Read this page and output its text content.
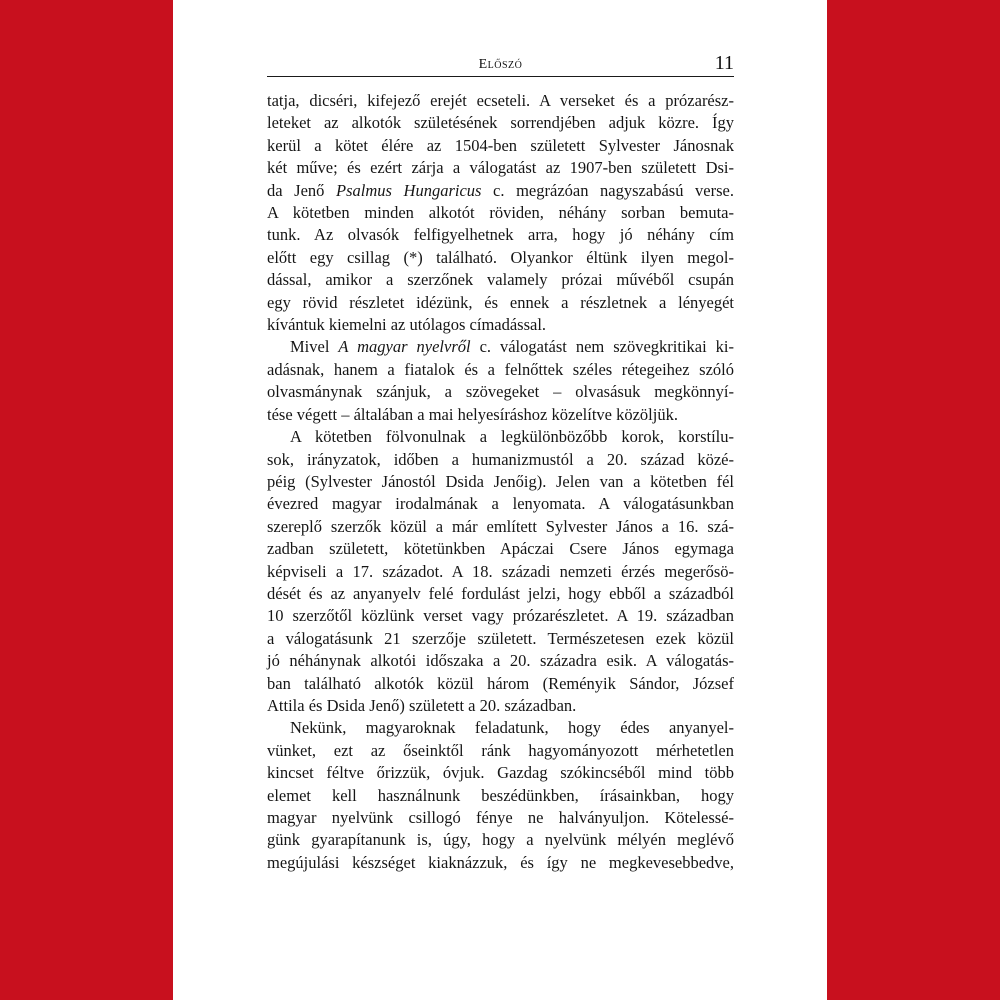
Előszó	11
tatja, dicséri, kifejező erejét ecseteli. A verseket és a prózarész-
leteket az alkotók születésének sorrendjében adjuk közre. Így
kerül a kötet élére az 1504-ben született Sylvester Jánosnak
két műve; és ezért zárja a válogatást az 1907-ben született Dsi-
da Jenő Psalmus Hungaricus c. megrázóan nagyszabású verse.
A kötetben minden alkotót röviden, néhány sorban bemuta-
tunk. Az olvasók felfigyelhetnek arra, hogy jó néhány cím
előtt egy csillag (*) található. Olyankor éltünk ilyen megol-
dással, amikor a szerzőnek valamely prózai művéből csupán
egy rövid részletet idézünk, és ennek a részletnek a lényegét
kívántuk kiemelni az utólagos címadással.
Mivel A magyar nyelvről c. válogatást nem szövegkritikai ki-
adásnak, hanem a fiatalok és a felnőttek széles rétegeihez szóló
olvasmánynak szánjuk, a szövegeket – olvasásuk megkönnyí-
tése végett – általában a mai helyesíráshoz közelítve közöljük.
A kötetben fölvonulnak a legkülönbözőbb korok, korstílu-
sok, irányzatok, időben a humanizmustól a 20. század közé-
péig (Sylvester Jánostól Dsida Jenőig). Jelen van a kötetben fél
évezred magyar irodalmának a lenyomata. A válogatásunkban
szereplő szerzők közül a már említett Sylvester János a 16. szá-
zadban született, kötetünkben Apáczai Csere János egymaga
képviseli a 17. századot. A 18. századi nemzeti érzés megerősö-
dését és az anyanyelv felé fordulást jelzi, hogy ebből a századból
10 szerzőtől közlünk verset vagy prózarészletet. A 19. században
a válogatásunk 21 szerzője született. Természetesen ezek közül
jó néhánynak alkotói időszaka a 20. századra esik. A válogatás-
ban található alkotók közül három (Reményik Sándor, József
Attila és Dsida Jenő) született a 20. században.
Nekünk, magyaroknak feladatunk, hogy édes anyanyel-
vünket, ezt az őseinktől ránk hagyományozott mérhetetlen
kincset féltve őrizzük, óvjuk. Gazdag szókincséből mind több
elemet kell használnunk beszédünkben, írásainkban, hogy
magyar nyelvünk csillogó fénye ne halványuljon. Kötelessé-
günk gyarapítanunk is, úgy, hogy a nyelvünk mélyén meglévő
megújulási készséget kiaknázzuk, és így ne megkevesebbedve,
